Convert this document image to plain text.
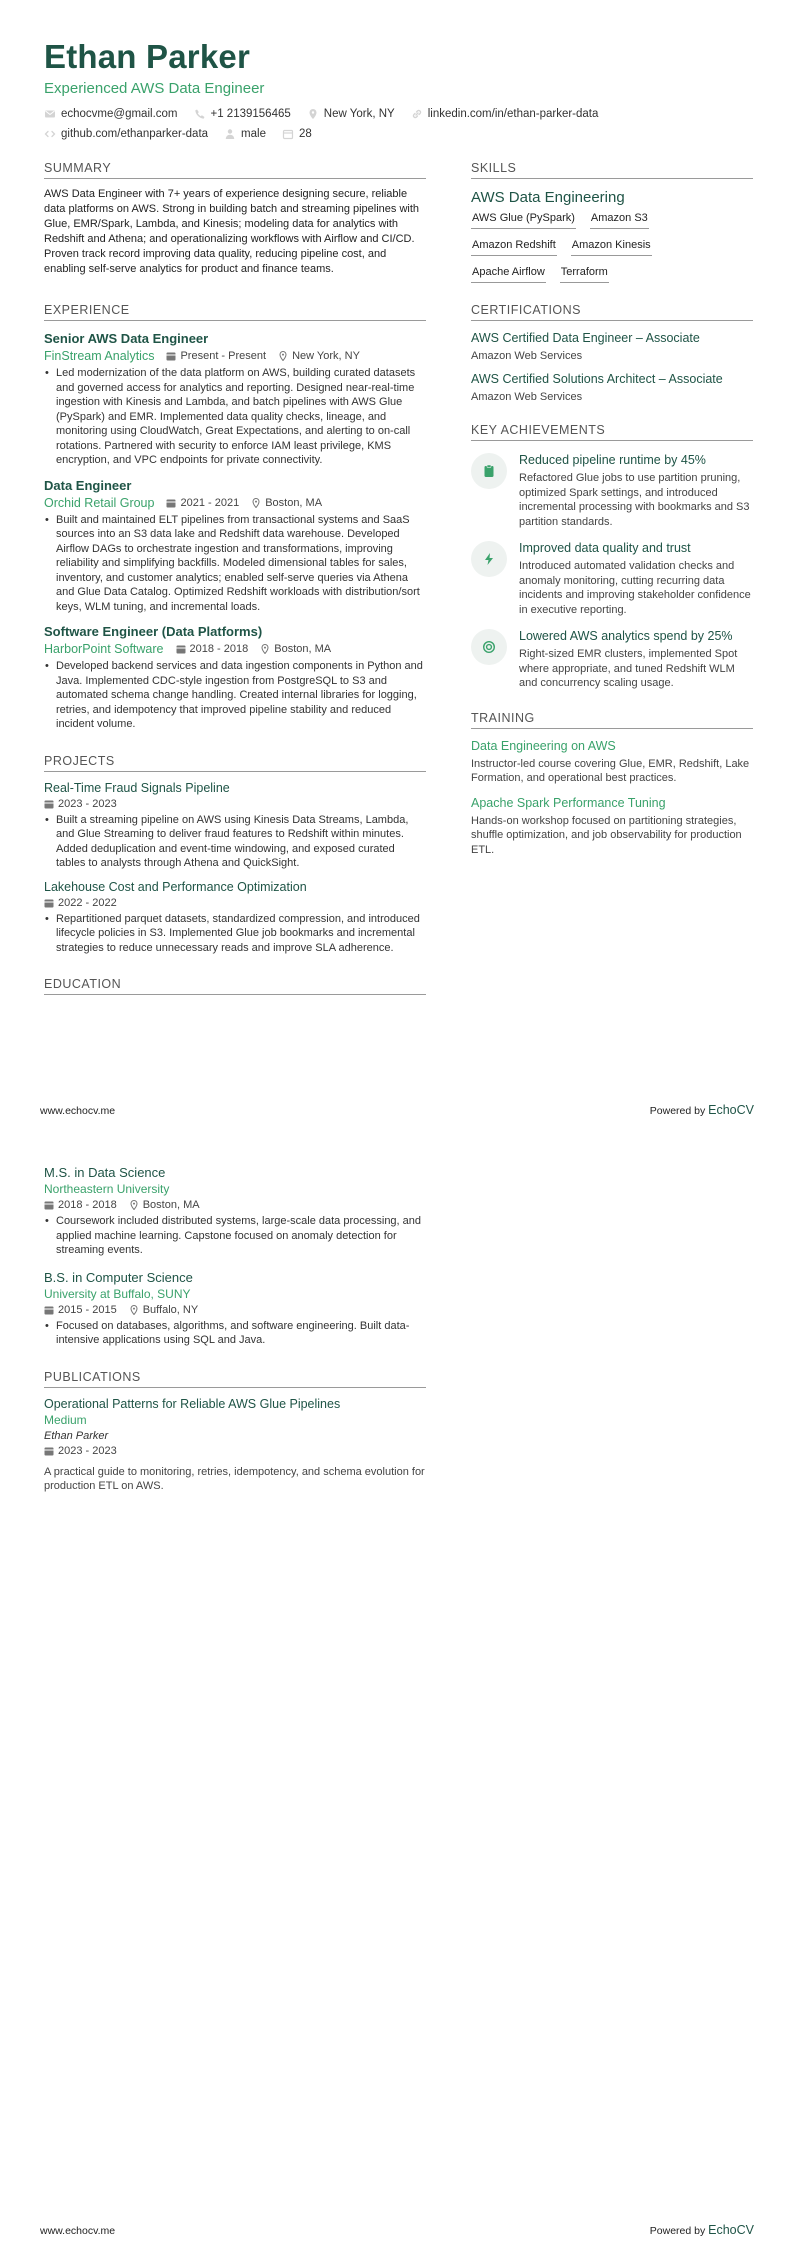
Ethan Parker
Experienced AWS Data Engineer
echocvme@gmail.com	+1 2139156465	New York, NY	linkedin.com/in/ethan-parker-data
github.com/ethanparker-data	male	28
SUMMARY
AWS Data Engineer with 7+ years of experience designing secure, reliable data platforms on AWS. Strong in building batch and streaming pipelines with Glue, EMR/Spark, Lambda, and Kinesis; modeling data for analytics with Redshift and Athena; and operationalizing workflows with Airflow and CI/CD. Proven track record improving data quality, reducing pipeline cost, and enabling self-serve analytics for product and finance teams.
EXPERIENCE
Senior AWS Data Engineer
FinStream Analytics Present - Present New York, NY
• Led modernization of the data platform on AWS, building curated datasets and governed access for analytics and reporting. Designed near-real-time ingestion with Kinesis and Lambda, and batch pipelines with AWS Glue (PySpark) and EMR. Implemented data quality checks, lineage, and monitoring using CloudWatch, Great Expectations, and alerting to on-call rotations. Partnered with security to enforce IAM least privilege, KMS encryption, and VPC endpoints for private connectivity.
Data Engineer
Orchid Retail Group 2021 - 2021 Boston, MA
• Built and maintained ELT pipelines from transactional systems and SaaS sources into an S3 data lake and Redshift data warehouse. Developed Airflow DAGs to orchestrate ingestion and transformations, improving reliability and simplifying backfills. Modeled dimensional tables for sales, inventory, and customer analytics; enabled self-serve queries via Athena and Glue Data Catalog. Optimized Redshift workloads with distribution/sort keys, WLM tuning, and incremental loads.
Software Engineer (Data Platforms)
HarborPoint Software 2018 - 2018 Boston, MA
• Developed backend services and data ingestion components in Python and Java. Implemented CDC-style ingestion from PostgreSQL to S3 and automated schema change handling. Created internal libraries for logging, retries, and idempotency that improved pipeline stability and reduced incident volume.
PROJECTS
Real-Time Fraud Signals Pipeline
2023 - 2023
• Built a streaming pipeline on AWS using Kinesis Data Streams, Lambda, and Glue Streaming to deliver fraud features to Redshift within minutes. Added deduplication and event-time windowing, and exposed curated tables to analysts through Athena and QuickSight.
Lakehouse Cost and Performance Optimization
2022 - 2022
• Repartitioned parquet datasets, standardized compression, and introduced lifecycle policies in S3. Implemented Glue job bookmarks and incremental strategies to reduce unnecessary reads and improve SLA adherence.
EDUCATION
SKILLS
AWS Data Engineering
AWS Glue (PySpark) Amazon S3
Amazon Redshift Amazon Kinesis
Apache Airflow Terraform
CERTIFICATIONS
AWS Certified Data Engineer – Associate
Amazon Web Services
AWS Certified Solutions Architect – Associate
Amazon Web Services
KEY ACHIEVEMENTS
Reduced pipeline runtime by 45%
Refactored Glue jobs to use partition pruning, optimized Spark settings, and introduced incremental processing with bookmarks and S3 partition standards.
Improved data quality and trust
Introduced automated validation checks and anomaly monitoring, cutting recurring data incidents and improving stakeholder confidence in executive reporting.
Lowered AWS analytics spend by 25%
Right-sized EMR clusters, implemented Spot where appropriate, and tuned Redshift WLM and concurrency scaling usage.
TRAINING
Data Engineering on AWS
Instructor-led course covering Glue, EMR, Redshift, Lake Formation, and operational best practices.
Apache Spark Performance Tuning
Hands-on workshop focused on partitioning strategies, shuffle optimization, and job observability for production ETL.
www.echocv.me	Powered by EchoCV
M.S. in Data Science
Northeastern University
2018 - 2018 Boston, MA
• Coursework included distributed systems, large-scale data processing, and applied machine learning. Capstone focused on anomaly detection for streaming events.
B.S. in Computer Science
University at Buffalo, SUNY
2015 - 2015 Buffalo, NY
• Focused on databases, algorithms, and software engineering. Built data-intensive applications using SQL and Java.
PUBLICATIONS
Operational Patterns for Reliable AWS Glue Pipelines
Medium
Ethan Parker
2023 - 2023
A practical guide to monitoring, retries, idempotency, and schema evolution for production ETL on AWS.
www.echocv.me	Powered by EchoCV
